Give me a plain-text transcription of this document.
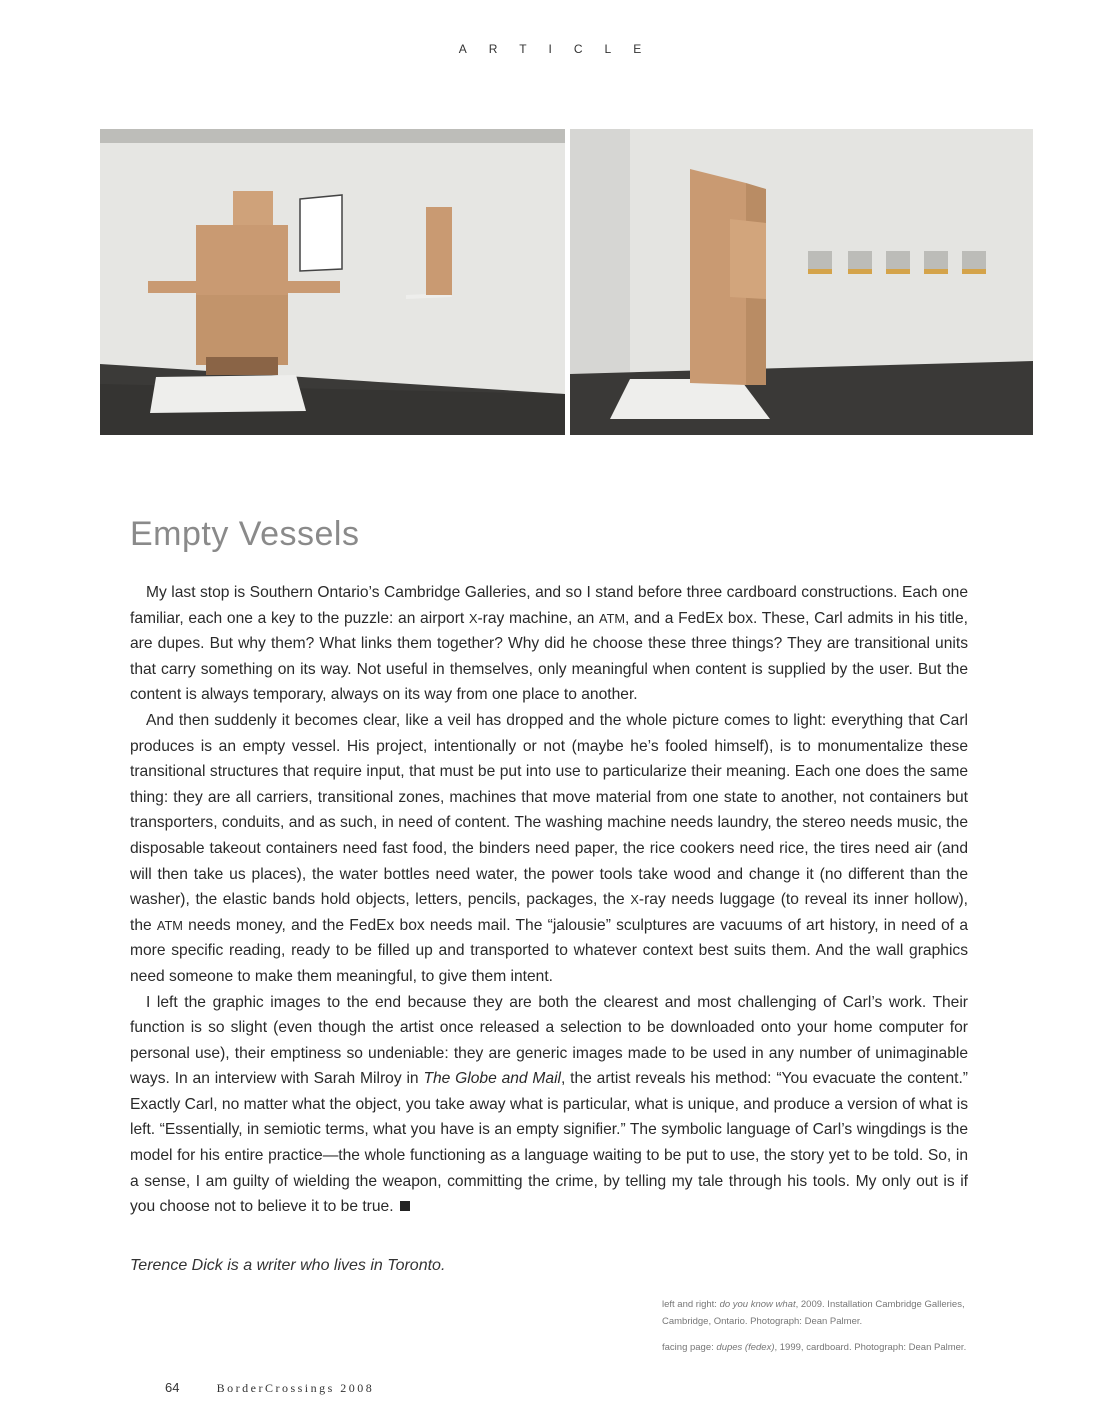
ARTICLE
Empty Vessels

My last stop is Southern Ontario’s Cambridge Galleries, and so I stand before three cardboard constructions. Each one familiar, each one a key to the puzzle: an airport X-ray machine, an ATM, and a FedEx box. These, Carl admits in his title, are dupes. But why them? What links them together? Why did he choose these three things? They are transitional units that carry something on its way. Not useful in themselves, only meaningful when content is supplied by the user. But the content is always temporary, always on its way from one place to another.

And then suddenly it becomes clear, like a veil has dropped and the whole picture comes to light: everything that Carl produces is an empty vessel. His project, intentionally or not (maybe he’s fooled himself), is to monumentalize these transitional structures that require input, that must be put into use to particularize their meaning. Each one does the same thing: they are all carriers, transitional zones, machines that move material from one state to another, not containers but transporters, conduits, and as such, in need of content. The washing machine needs laundry, the stereo needs music, the disposable takeout containers need fast food, the binders need paper, the rice cookers need rice, the tires need air (and will then take us places), the water bottles need water, the power tools take wood and change it (no different than the washer), the elastic bands hold objects, letters, pencils, packages, the X-ray needs luggage (to reveal its inner hollow), the ATM needs money, and the FedEx box needs mail. The “jalousie” sculptures are vacuums of art history, in need of a more specific reading, ready to be filled up and transported to whatever context best suits them. And the wall graphics need someone to make them meaningful, to give them intent.

I left the graphic images to the end because they are both the clearest and most challenging of Carl’s work. Their function is so slight (even though the artist once released a selection to be downloaded onto your home computer for personal use), their emptiness so undeniable: they are generic images made to be used in any number of unimaginable ways. In an interview with Sarah Milroy in The Globe and Mail, the artist reveals his method: “You evacuate the content.” Exactly Carl, no matter what the object, you take away what is particular, what is unique, and produce a version of what is left. “Essentially, in semiotic terms, what you have is an empty signifier.” The symbolic language of Carl’s wingdings is the model for his entire practice—the whole functioning as a language waiting to be put to use, the story yet to be told. So, in a sense, I am guilty of wielding the weapon, committing the crime, by telling my tale through his tools. My only out is if you choose not to believe it to be true.

Terence Dick is a writer who lives in Toronto.

left and right: do you know what, 2009. Installation Cambridge Galleries, Cambridge, Ontario. Photograph: Dean Palmer.

facing page: dupes (fedex), 1999, cardboard. Photograph: Dean Palmer.

64	BorderCrossings 2008
